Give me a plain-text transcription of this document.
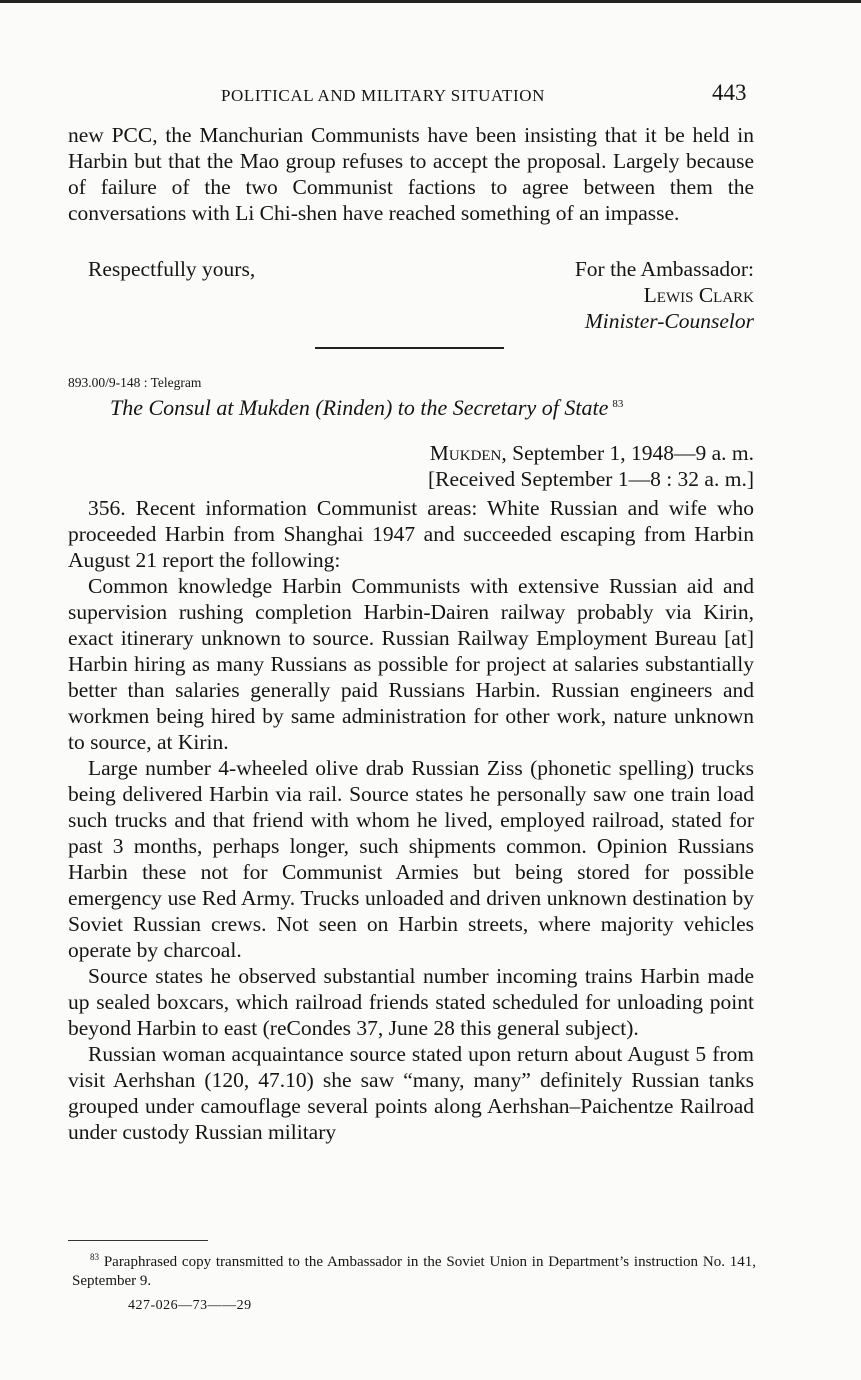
POLITICAL AND MILITARY SITUATION	443

new PCC, the Manchurian Communists have been insisting that it be held in Harbin but that the Mao group refuses to accept the proposal. Largely because of failure of the two Communist factions to agree between them the conversations with Li Chi-shen have reached something of an impasse.

Respectfully yours,	For the Ambassador:
Lewis Clark
Minister-Counselor
893.00/9-148 : Telegram
The Consul at Mukden (Rinden) to the Secretary of State $^{83}$
Mukden, September 1, 1948—9 a. m.
[Received September 1—8 : 32 a. m.]

356. Recent information Communist areas: White Russian and wife who proceeded Harbin from Shanghai 1947 and succeeded escaping from Harbin August 21 report the following:

Common knowledge Harbin Communists with extensive Russian aid and supervision rushing completion Harbin-Dairen railway probably via Kirin, exact itinerary unknown to source. Russian Railway Employment Bureau [at] Harbin hiring as many Russians as possible for project at salaries substantially better than salaries generally paid Russians Harbin. Russian engineers and workmen being hired by same administration for other work, nature unknown to source, at Kirin.

Large number 4-wheeled olive drab Russian Ziss (phonetic spelling) trucks being delivered Harbin via rail. Source states he personally saw one train load such trucks and that friend with whom he lived, employed railroad, stated for past 3 months, perhaps longer, such shipments common. Opinion Russians Harbin these not for Communist Armies but being stored for possible emergency use Red Army. Trucks unloaded and driven unknown destination by Soviet Russian crews. Not seen on Harbin streets, where majority vehicles operate by charcoal.

Source states he observed substantial number incoming trains Harbin made up sealed boxcars, which railroad friends stated scheduled for unloading point beyond Harbin to east (reCondes 37, June 28 this general subject).

Russian woman acquaintance source stated upon return about August 5 from visit Aerhshan (120, 47.10) she saw “many, many” definitely Russian tanks grouped under camouflage several points along Aerhshan–Paichentze Railroad under custody Russian military

$^{83}$ Paraphrased copy transmitted to the Ambassador in the Soviet Union in Department’s instruction No. 141, September 9.
427-026—73——29
